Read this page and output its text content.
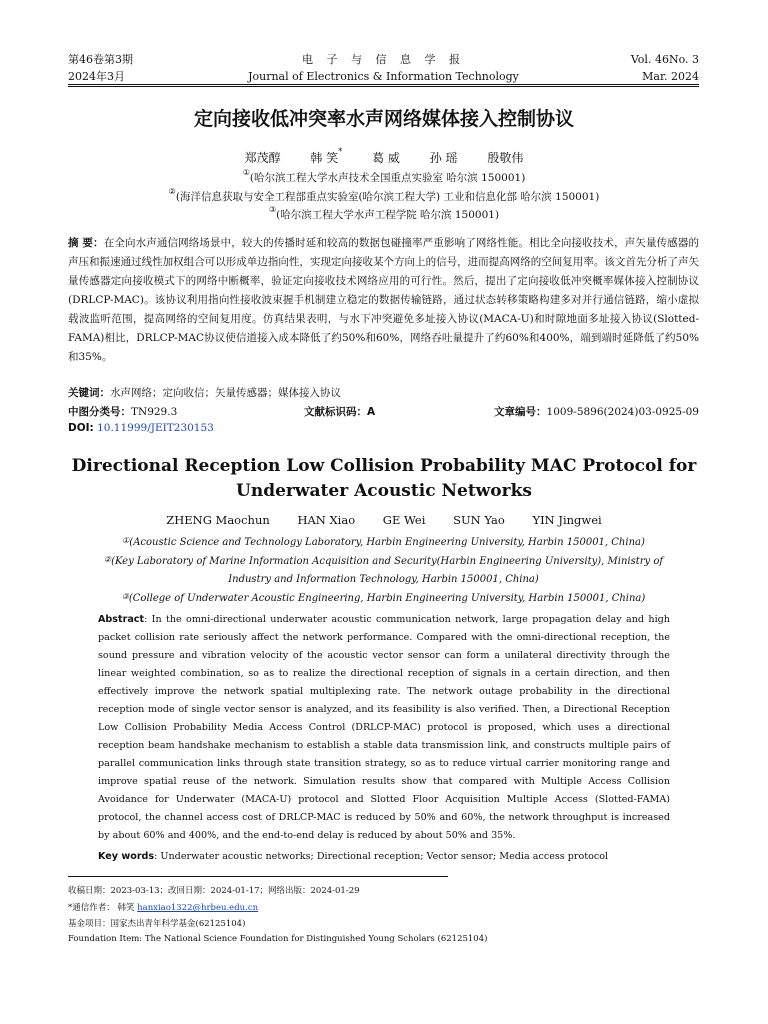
第46卷第3期
2024年3月
电 子 与 信 息 学 报
Journal of Electronics & Information Technology
Vol. 46No. 3
Mar. 2024
定向接收低冲突率水声网络媒体接入控制协议
郑茂醇 韩 笑* 葛 威 孙 瑶 殷敬伟
①(哈尔滨工程大学水声技术全国重点实验室 哈尔滨 150001)
②(海洋信息获取与安全工程部重点实验室(哈尔滨工程大学) 工业和信息化部 哈尔滨 150001)
③(哈尔滨工程大学水声工程学院 哈尔滨 150001)
摘 要：在全向水声通信网络场景中，较大的传播时延和较高的数据包碰撞率严重影响了网络性能。相比全向接收技术，声矢量传感器的声压和振速通过线性加权组合可以形成单边指向性，实现定向接收某个方向上的信号，进而提高网络的空间复用率。该文首先分析了声矢量传感器定向接收模式下的网络中断概率，验证定向接收技术网络应用的可行性。然后，提出了定向接收低冲突概率媒体接入控制协议(DRLCP-MAC)。该协议利用指向性接收波束握手机制建立稳定的数据传输链路，通过状态转移策略构建多对并行通信链路，缩小虚拟载波监听范围，提高网络的空间复用度。仿真结果表明，与水下冲突避免多址接入协议(MACA-U)和时隙地面多址接入协议(Slotted-FAMA)相比，DRLCP-MAC协议使信道接入成本降低了约50%和60%，网络吞吐量提升了约60%和400%，端到端时延降低了约50%和35%。
关键词：水声网络；定向收信；矢量传感器；媒体接入协议
中图分类号：TN929.3	文献标识码：A	文章编号：1009-5896(2024)03-0925-09
DOI: 10.11999/JEIT230153
Directional Reception Low Collision Probability MAC Protocol for
Underwater Acoustic Networks
ZHENG Maochun HAN Xiao GE Wei SUN Yao YIN Jingwei
①(Acoustic Science and Technology Laboratory, Harbin Engineering University, Harbin 150001, China)
②(Key Laboratory of Marine Information Acquisition and Security(Harbin Engineering University), Ministry of
Industry and Information Technology, Harbin 150001, China)
③(College of Underwater Acoustic Engineering, Harbin Engineering University, Harbin 150001, China)
Abstract: In the omni-directional underwater acoustic communication network, large propagation delay and high packet collision rate seriously affect the network performance. Compared with the omni-directional reception, the sound pressure and vibration velocity of the acoustic vector sensor can form a unilateral directivity through the linear weighted combination, so as to realize the directional reception of signals in a certain direction, and then effectively improve the network spatial multiplexing rate. The network outage probability in the directional reception mode of single vector sensor is analyzed, and its feasibility is also verified. Then, a Directional Reception Low Collision Probability Media Access Control (DRLCP-MAC) protocol is proposed, which uses a directional reception beam handshake mechanism to establish a stable data transmission link, and constructs multiple pairs of parallel communication links through state transition strategy, so as to reduce virtual carrier monitoring range and improve spatial reuse of the network. Simulation results show that compared with Multiple Access Collision Avoidance for Underwater (MACA-U) protocol and Slotted Floor Acquisition Multiple Access (Slotted-FAMA) protocol, the channel access cost of DRLCP-MAC is reduced by 50% and 60%, the network throughput is increased by about 60% and 400%, and the end-to-end delay is reduced by about 50% and 35%.
Key words: Underwater acoustic networks; Directional reception; Vector sensor; Media access protocol
收稿日期：2023-03-13；改回日期：2024-01-17；网络出版：2024-01-29
*通信作者： 韩笑 hanxiao1322@hrbeu.edu.cn
基金项目：国家杰出青年科学基金(62125104)
Foundation Item: The National Science Foundation for Distinguished Young Scholars (62125104)
